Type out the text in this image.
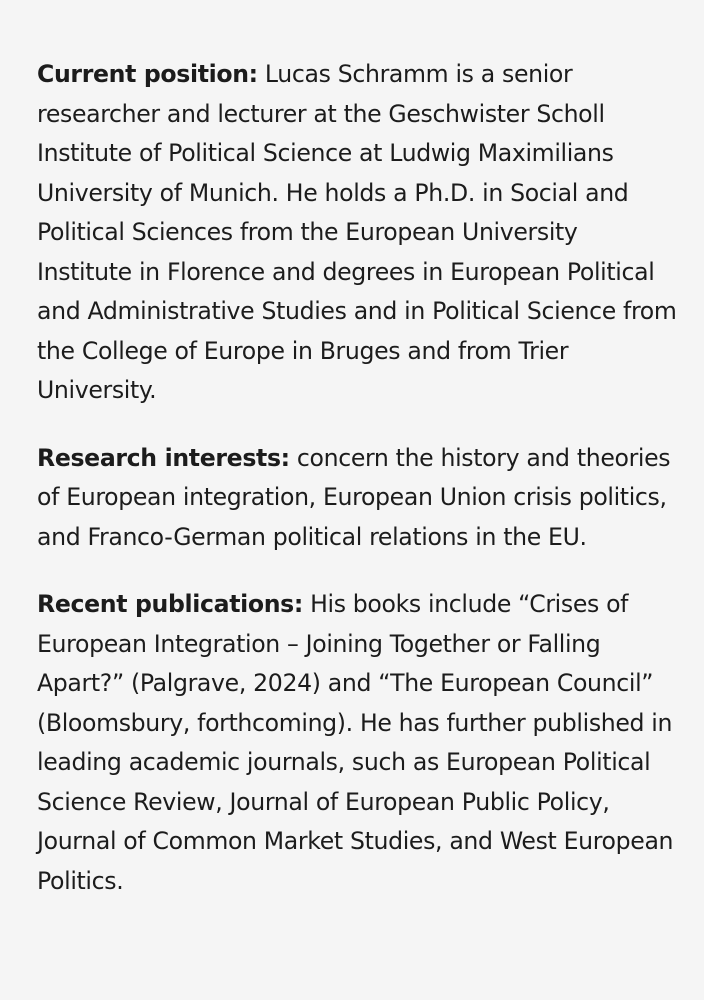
Current position: Lucas Schramm is a senior researcher and lecturer at the Geschwister Scholl Institute of Political Science at Ludwig Maximilians University of Munich. He holds a Ph.D. in Social and Political Sciences from the European University Institute in Florence and degrees in European Political and Administrative Studies and in Political Science from the College of Europe in Bruges and from Trier University.

Research interests: concern the history and theories of European integration, European Union crisis politics, and Franco-German political relations in the EU.

Recent publications: His books include “Crises of European Integration – Joining Together or Falling Apart?” (Palgrave, 2024) and “The European Council” (Bloomsbury, forthcoming). He has further published in leading academic journals, such as European Political Science Review, Journal of European Public Policy, Journal of Common Market Studies, and West European Politics.
